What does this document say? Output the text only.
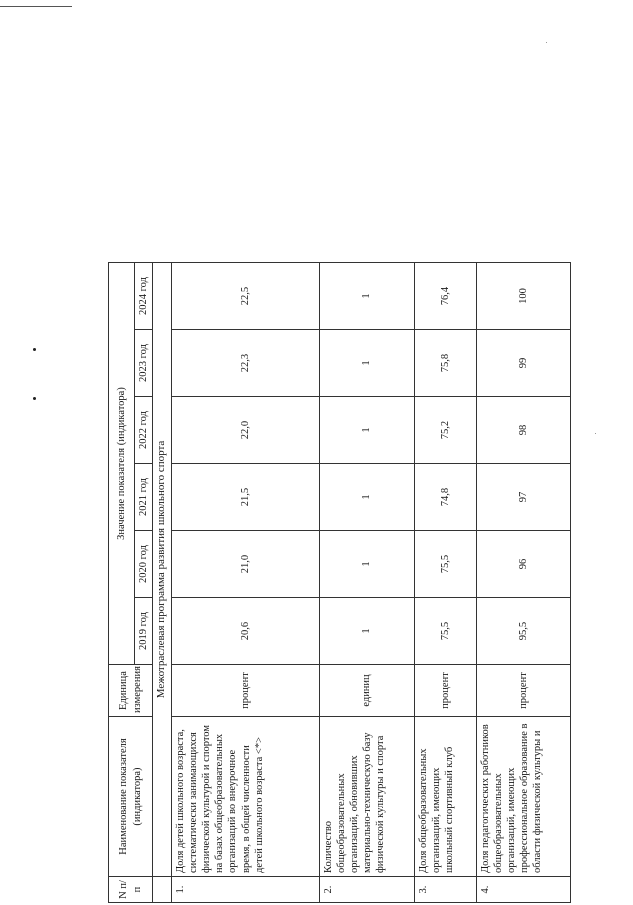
N п/п	Наименование показателя (индикатора)	Единица измерения	Значение показателя (индикатора)					
			2019 год	2020 год	2021 год	2022 год	2023 год	2024 год
	Межотраслевая программа развития школьного спорта							
1.	Доля детей школьного возраста, систематически занимающихся физической культурой и спортом на базах общеобразовательных организаций во внеурочное время, в общей численности детей школьного возраста <*>	процент	20,6	21,0	21,5	22,0	22,3	22,5
2.	Количество общеобразовательных организаций, обновивших материально-техническую базу физической культуры и спорта	единиц	1	1	1	1	1	1
3.	Доля общеобразовательных организаций, имеющих школьный спортивный клуб	процент	75,5	75,5	74,8	75,2	75,8	76,4
4.	Доля педагогических работников общеобразовательных организаций, имеющих профессиональное образование в области физической культуры и	процент	95,5	96	97	98	99	100
